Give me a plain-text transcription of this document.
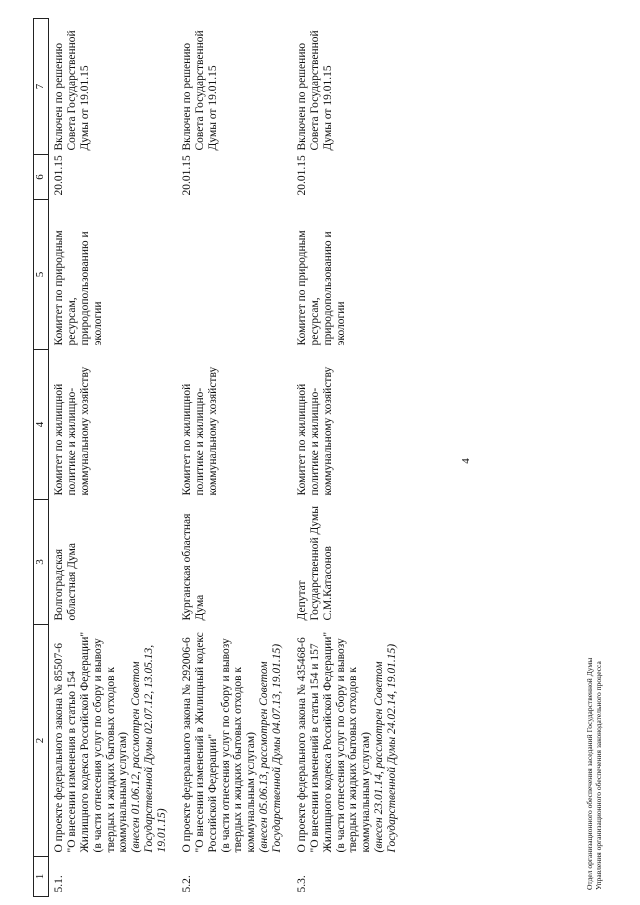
4
1	2	3	4	5	6	7
5.1.	О проекте федерального закона № 85507-6 "О внесении изменения в статью 154 Жилищного кодекса Российской Федерации" (в части отнесения услуг по сбору и вывозу твердых и жидких бытовых отходов к коммунальным услугам) (внесен 01.06.12, рассмотрен Советом Государственной Думы 02.07.12, 13.05.13, 19.01.15)	Волгоградская областная Дума	Комитет по жилищной политике и жилищно-коммунальному хозяйству	Комитет по природным ресурсам, природопользованию и экологии	20.01.15	Включен по решению Совета Государственной Думы от 19.01.15
5.2.	О проекте федерального закона № 292006-6 "О внесении изменений в Жилищный кодекс Российской Федерации" (в части отнесения услуг по сбору и вывозу твердых и жидких бытовых отходов к коммунальным услугам) (внесен 05.06.13, рассмотрен Советом Государственной Думы 04.07.13, 19.01.15)	Курганская областная Дума	Комитет по жилищной политике и жилищно-коммунальному хозяйству		20.01.15	Включен по решению Совета Государственной Думы от 19.01.15
5.3.	О проекте федерального закона № 435468-6 "О внесении изменений в статьи 154 и 157 Жилищного кодекса Российской Федерации" (в части отнесения услуг по сбору и вывозу твердых и жидких бытовых отходов к коммунальным услугам) (внесен 23.01.14, рассмотрен Советом Государственной Думы 24.02.14, 19.01.15)	Депутат Государственной Думы С.М.Катасонов	Комитет по жилищной политике и жилищно-коммунальному хозяйству	Комитет по природным ресурсам, природопользованию и экологии	20.01.15	Включен по решению Совета Государственной Думы от 19.01.15
Отдел организационного обеспечения заседаний Государственной Думы Управления организационного обеспечения законодательного процесса
